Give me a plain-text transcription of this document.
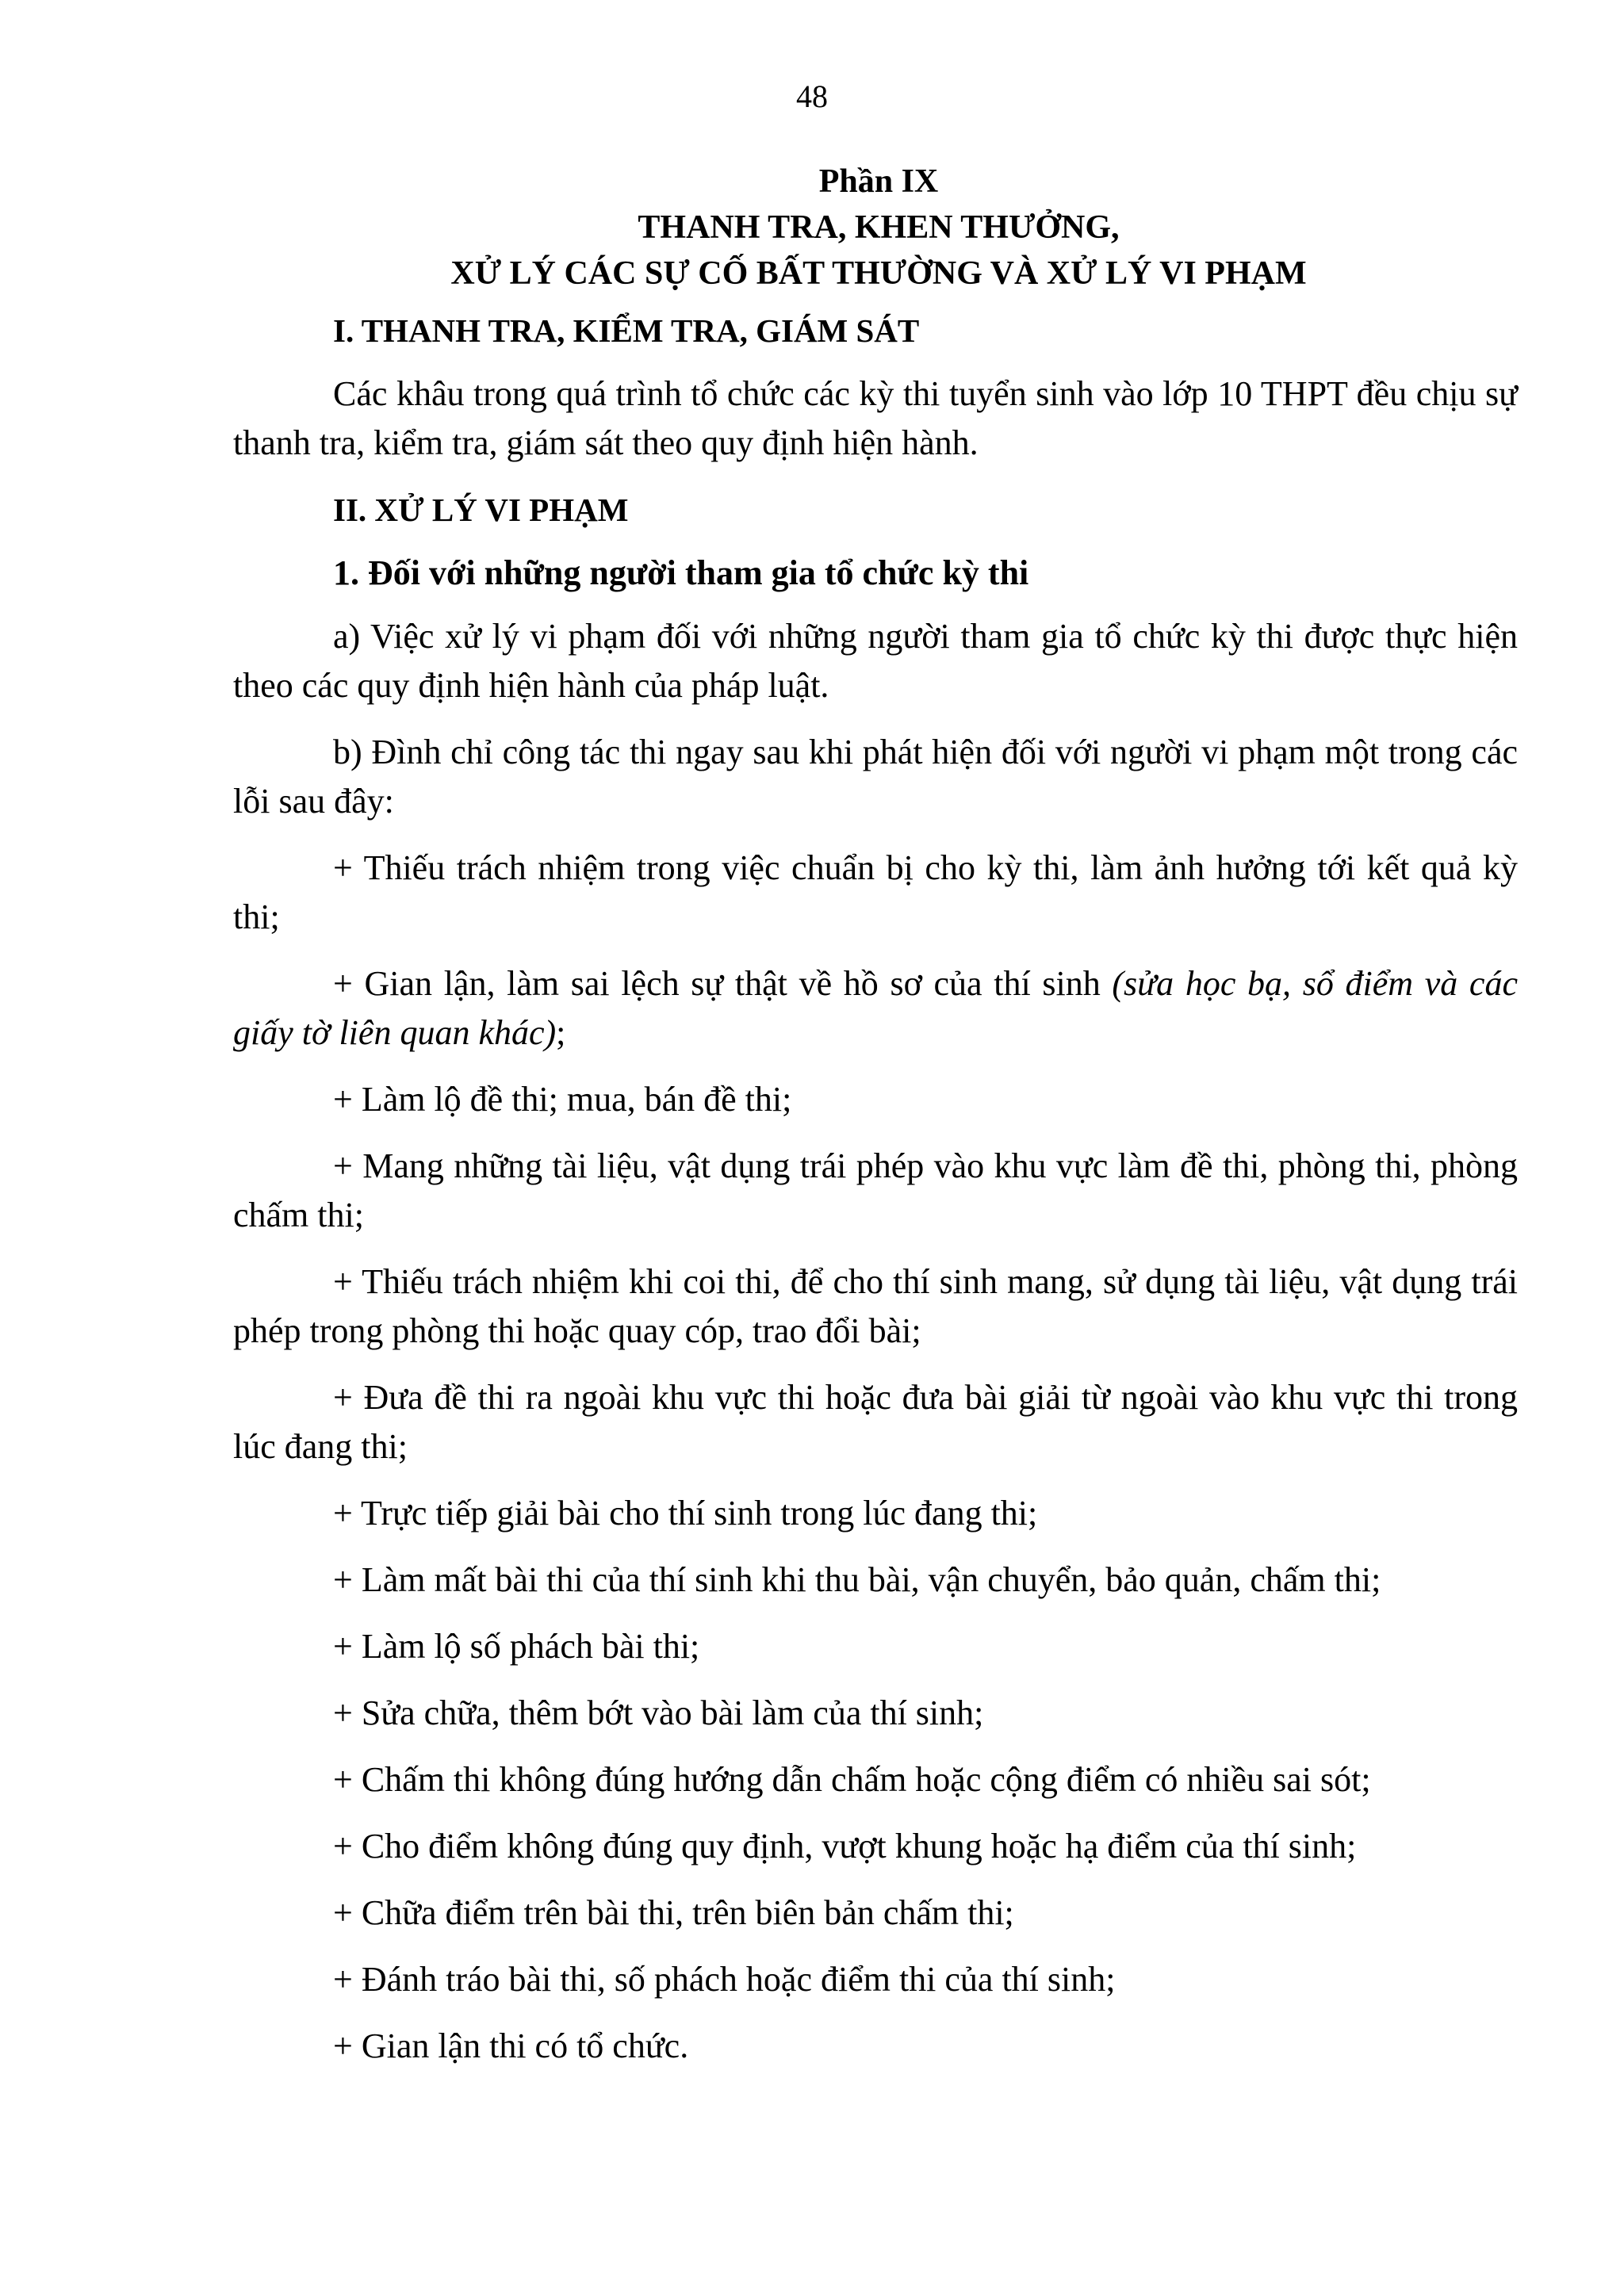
48
Phần IX
THANH TRA, KHEN THƯỞNG,
XỬ LÝ CÁC SỰ CỐ BẤT THƯỜNG VÀ XỬ LÝ VI PHẠM

I. THANH TRA, KIỂM TRA, GIÁM SÁT

Các khâu trong quá trình tổ chức các kỳ thi tuyển sinh vào lớp 10 THPT đều chịu sự thanh tra, kiểm tra, giám sát theo quy định hiện hành.

II. XỬ LÝ VI PHẠM

1. Đối với những người tham gia tổ chức kỳ thi

a) Việc xử lý vi phạm đối với những người tham gia tổ chức kỳ thi được thực hiện theo các quy định hiện hành của pháp luật.

b) Đình chỉ công tác thi ngay sau khi phát hiện đối với người vi phạm một trong các lỗi sau đây:

+ Thiếu trách nhiệm trong việc chuẩn bị cho kỳ thi, làm ảnh hưởng tới kết quả kỳ thi;

+ Gian lận, làm sai lệch sự thật về hồ sơ của thí sinh (sửa học bạ, sổ điểm và các giấy tờ liên quan khác);

+ Làm lộ đề thi; mua, bán đề thi;

+ Mang những tài liệu, vật dụng trái phép vào khu vực làm đề thi, phòng thi, phòng chấm thi;

+ Thiếu trách nhiệm khi coi thi, để cho thí sinh mang, sử dụng tài liệu, vật dụng trái phép trong phòng thi hoặc quay cóp, trao đổi bài;

+ Đưa đề thi ra ngoài khu vực thi hoặc đưa bài giải từ ngoài vào khu vực thi trong lúc đang thi;

+ Trực tiếp giải bài cho thí sinh trong lúc đang thi;

+ Làm mất bài thi của thí sinh khi thu bài, vận chuyển, bảo quản, chấm thi;

+ Làm lộ số phách bài thi;

+ Sửa chữa, thêm bớt vào bài làm của thí sinh;

+ Chấm thi không đúng hướng dẫn chấm hoặc cộng điểm có nhiều sai sót;

+ Cho điểm không đúng quy định, vượt khung hoặc hạ điểm của thí sinh;

+ Chữa điểm trên bài thi, trên biên bản chấm thi;

+ Đánh tráo bài thi, số phách hoặc điểm thi của thí sinh;

+ Gian lận thi có tổ chức.
